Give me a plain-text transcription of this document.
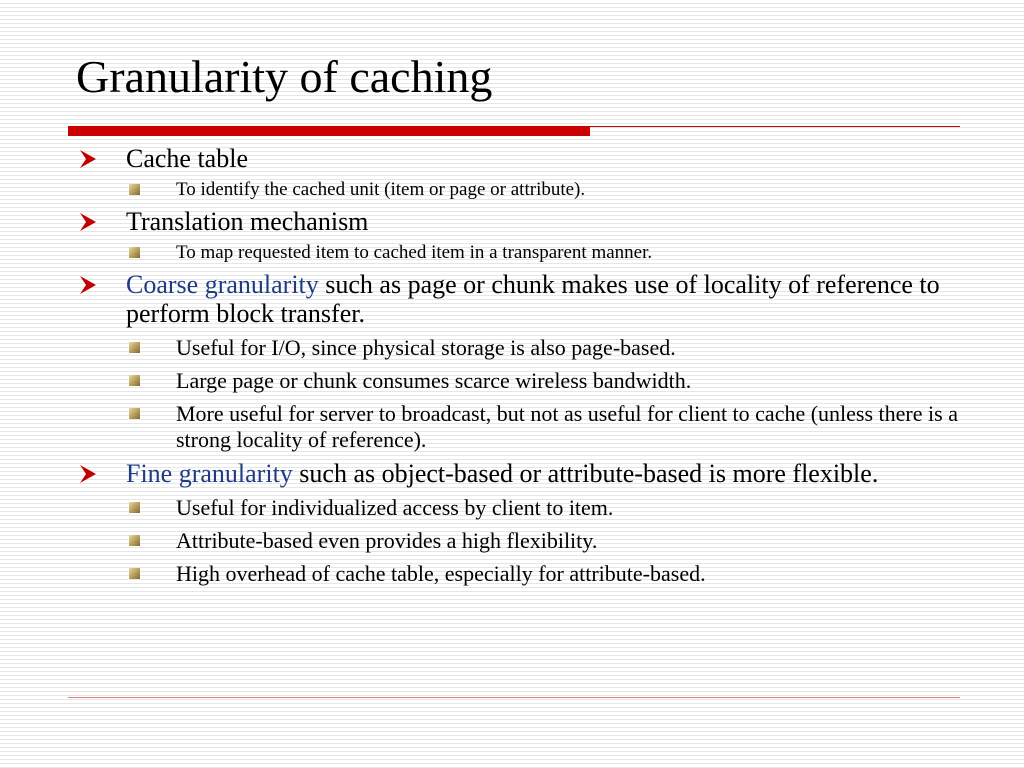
Granularity of caching
Cache table
To identify the cached unit (item or page or attribute).
Translation mechanism
To map requested item to cached item in a transparent manner.
Coarse granularity such as page or chunk makes use of locality of reference to perform block transfer.
Useful for I/O, since physical storage is also page-based.
Large page or chunk consumes scarce wireless bandwidth.
More useful for server to broadcast, but not as useful for client to cache (unless there is a strong locality of reference).
Fine granularity such as object-based or attribute-based is more flexible.
Useful for individualized access by client to item.
Attribute-based even provides a high flexibility.
High overhead of cache table, especially for attribute-based.
